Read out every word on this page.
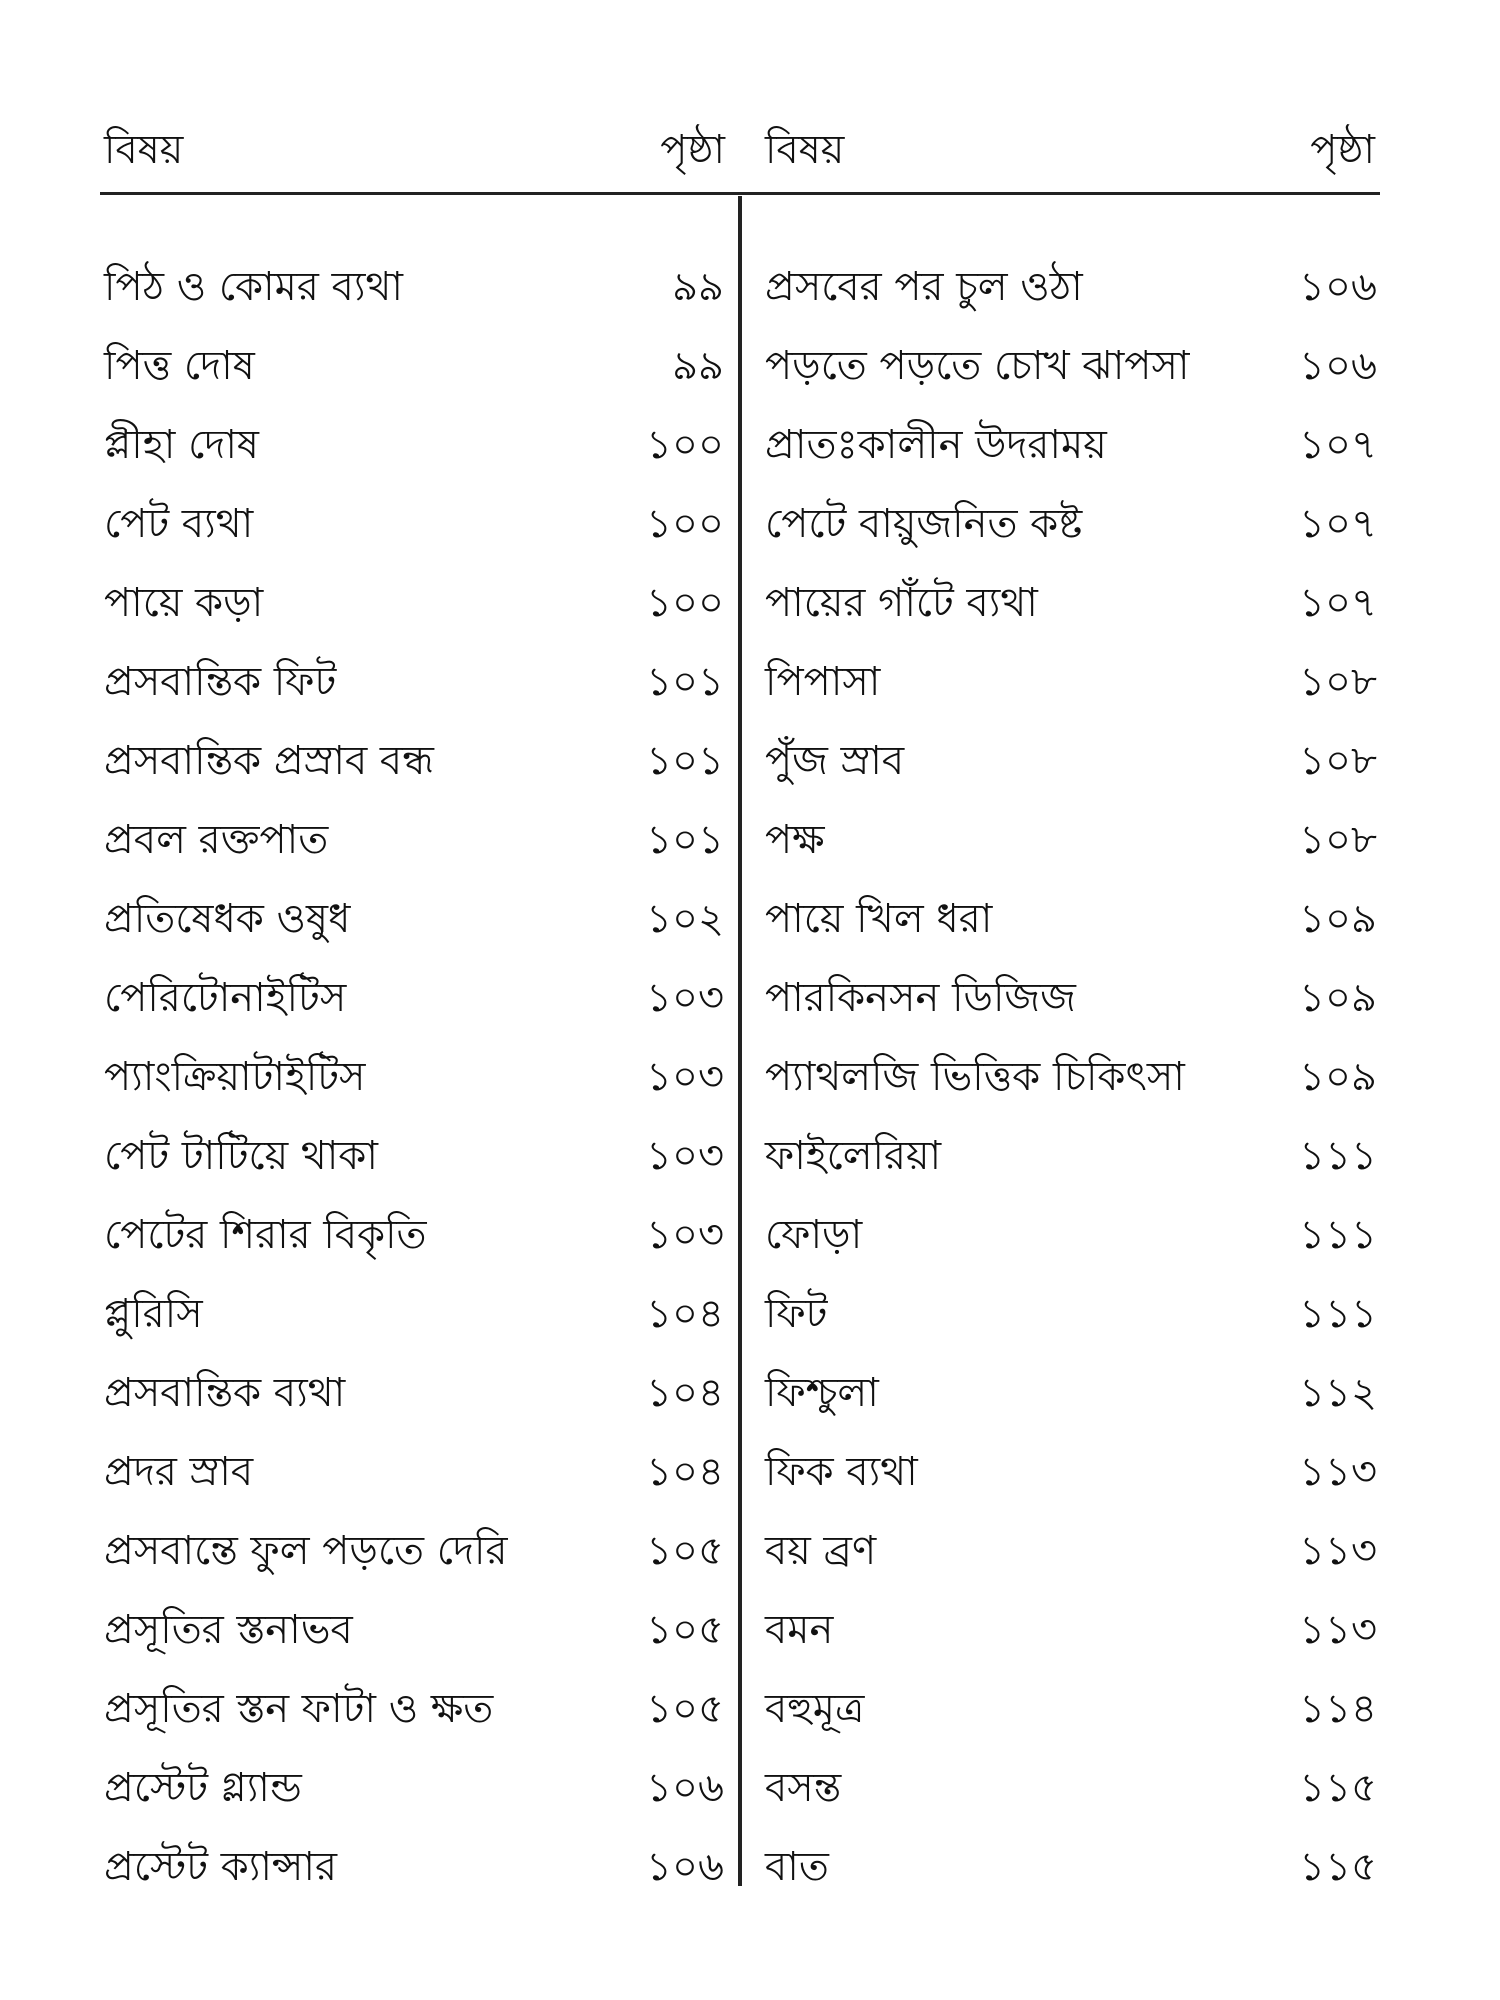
বিষয়	পৃষ্ঠা বিষয়	পৃষ্ঠা
পিঠ ও কোমর ব্যথা	৯৯
পিত্ত দোষ	৯৯
প্লীহা দোষ	১০০
পেট ব্যথা	১০০
পায়ে কড়া	১০০
প্রসবান্তিক ফিট	১০১
প্রসবান্তিক প্রস্রাব বন্ধ	১০১
প্রবল রক্তপাত	১০১
প্রতিষেধক ওষুধ	১০২
পেরিটোনাইটিস	১০৩
প্যাংক্রিয়াটাইটিস	১০৩
পেট টাটিয়ে থাকা	১০৩
পেটের শিরার বিকৃতি	১০৩
প্লুরিসি	১০৪
প্রসবান্তিক ব্যথা	১০৪
প্রদর স্রাব	১০৪
প্রসবান্তে ফুল পড়তে দেরি	১০৫
প্রসূতির স্তনাভব	১০৫
প্রসূতির স্তন ফাটা ও ক্ষত	১০৫
প্রস্টেট গ্ল্যান্ড	১০৬
প্রস্টেট ক্যান্সার	১০৬
প্রসবের পর চুল ওঠা	১০৬
পড়তে পড়তে চোখ ঝাপসা	১০৬
প্রাতঃকালীন উদরাময়	১০৭
পেটে বায়ুজনিত কষ্ট	১০৭
পায়ের গাঁটে ব্যথা	১০৭
পিপাসা	১০৮
পুঁজ স্রাব	১০৮
পক্ষ	১০৮
পায়ে খিল ধরা	১০৯
পারকিনসন ডিজিজ	১০৯
প্যাথলজি ভিত্তিক চিকিৎসা	১০৯
ফাইলেরিয়া	১১১
ফোড়া	১১১
ফিট	১১১
ফিশ্চুলা	১১২
ফিক ব্যথা	১১৩
বয় ব্রণ	১১৩
বমন	১১৩
বহুমূত্র	১১৪
বসন্ত	১১৫
বাত	১১৫
